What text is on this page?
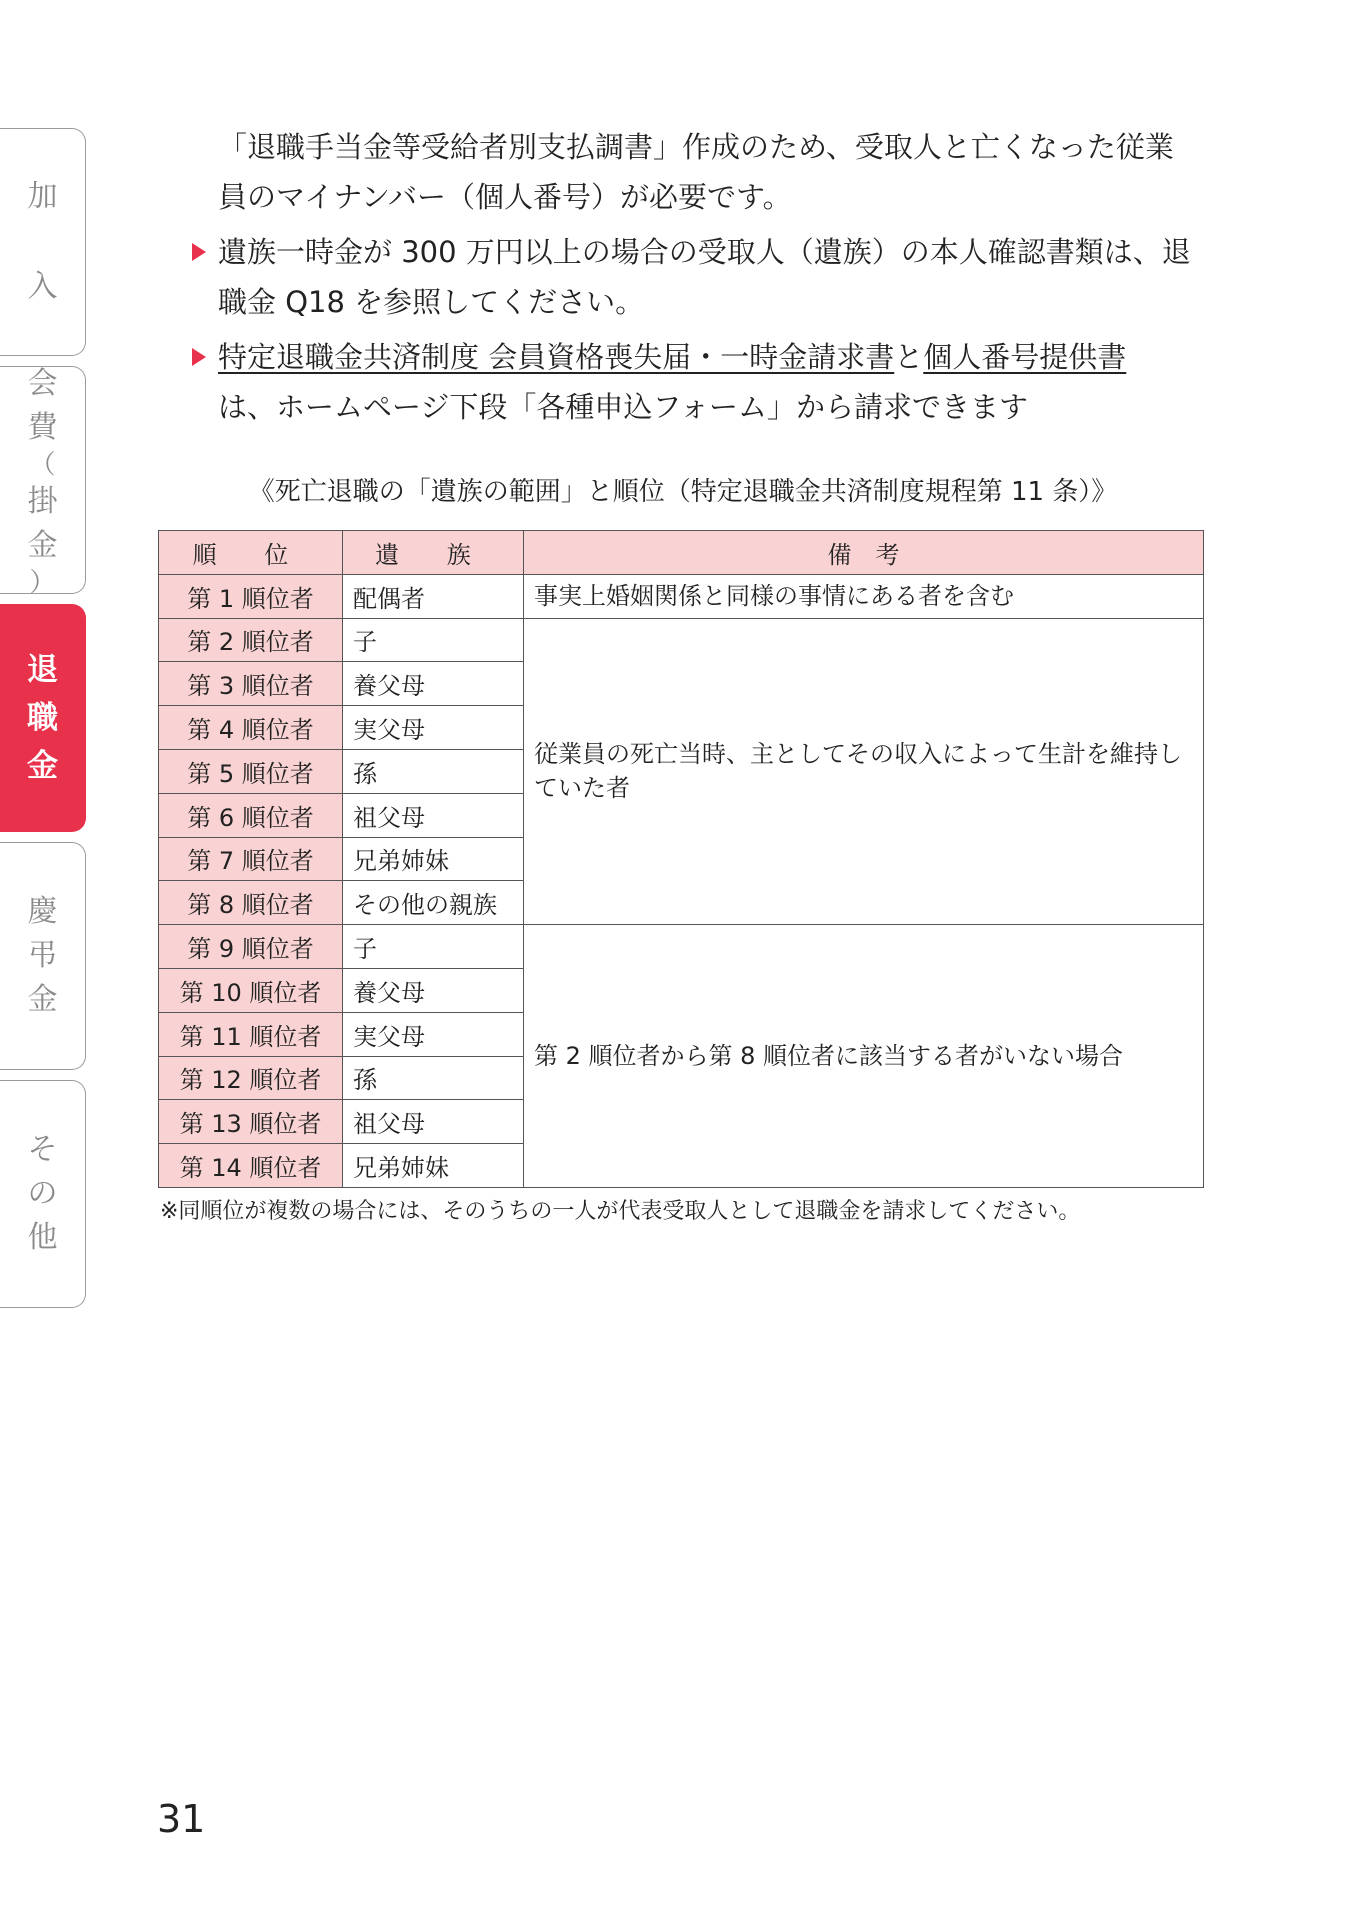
加
入
会
費
（
掛
金
）
退
職
金
慶
弔
金
そ
の
他
「退職手当金等受給者別支払調書」作成のため、受取人と亡くなった従業
員のマイナンバー（個人番号）が必要です。
遺族一時金が 300 万円以上の場合の受取人（遺族）の本人確認書類は、退
職金 Q18 を参照してください。
特定退職金共済制度 会員資格喪失届・一時金請求書と個人番号提供書
は、ホームページ下段「各種申込フォーム」から請求できます
《死亡退職の「遺族の範囲」と順位（特定退職金共済制度規程第 11 条）》
順 位	遺 族	備　考
第 1 順位者	配偶者	事実上婚姻関係と同様の事情にある者を含む
第 2 順位者	子	従業員の死亡当時、主としてその収入によって生計を維持していた者
第 3 順位者	養父母	
第 4 順位者	実父母	
第 5 順位者	孫	
第 6 順位者	祖父母	
第 7 順位者	兄弟姉妹	
第 8 順位者	その他の親族	
第 9 順位者	子	第 2 順位者から第 8 順位者に該当する者がいない場合
第 10 順位者	養父母	
第 11 順位者	実父母	
第 12 順位者	孫	
第 13 順位者	祖父母	
第 14 順位者	兄弟姉妹	
※同順位が複数の場合には、そのうちの一人が代表受取人として退職金を請求してください。
31
